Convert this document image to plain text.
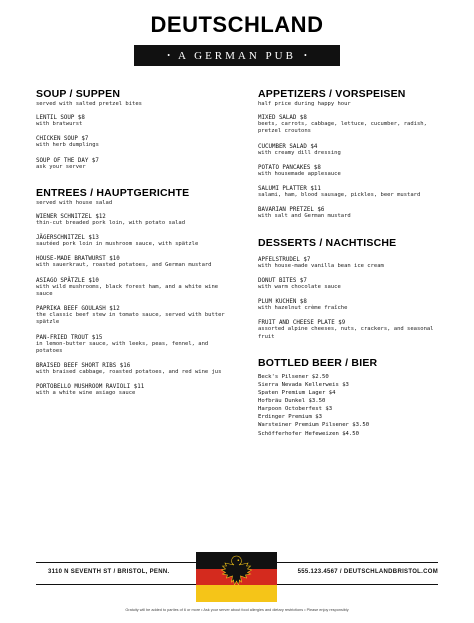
DEUTSCHLAND
• A GERMAN PUB •
SOUP / SUPPEN
served with salted pretzel bites
LENTIL SOUP $8
with bratwurst
CHICKEN SOUP $7
with herb dumplings
SOUP OF THE DAY $7
ask your server
ENTREES / HAUPTGERICHTE
served with house salad
WIENER SCHNITZEL $12
thin-cut breaded pork loin, with potato salad
JÄGERSCHNITZEL $13
sautéed pork loin in mushroom sauce, with spätzle
HOUSE-MADE BRATWURST $10
with sauerkraut, roasted potatoes, and German mustard
ASIAGO SPÄTZLE $10
with wild mushrooms, black forest ham, and a white wine sauce
PAPRIKA BEEF GOULASH $12
the classic beef stew in tomato sauce, served with butter spätzle
PAN-FRIED TROUT $15
in lemon-butter sauce, with leeks, peas, fennel, and potatoes
BRAISED BEEF SHORT RIBS $16
with braised cabbage, roasted potatoes, and red wine jus
PORTOBELLO MUSHROOM RAVIOLI $11
with a white wine asiago sauce
APPETIZERS / VORSPEISEN
half price during happy hour
MIXED SALAD $8
beets, carrots, cabbage, lettuce, cucumber, radish, pretzel croutons
CUCUMBER SALAD $4
with creamy dill dressing
POTATO PANCAKES $8
with housemade applesauce
SALUMI PLATTER $11
salami, ham, blood sausage, pickles, beer mustard
BAVARIAN PRETZEL $6
with salt and German mustard
DESSERTS / NACHTISCHE
APFELSTRUDEL $7
with house-made vanilla bean ice cream
DONUT BITES $7
with warm chocolate sauce
PLUM KUCHEN $8
with hazelnut crème fraîche
FRUIT AND CHEESE PLATE $9
assorted alpine cheeses, nuts, crackers, and seasonal fruit
BOTTLED BEER / BIER
Beck's Pilsener $2.50
Sierra Nevada Kellerweis $3
Spaten Premium Lager $4
Hofbräu Dunkel $3.50
Harpoon Octoberfest $3
Erdinger Premium $3
Warsteiner Premium Pilsener $3.50
Schöfferhofer Hefeweizen $4.50
3110 N SEVENTH ST / BRISTOL, PENN.	555.123.4567 / DEUTSCHLANDBRISTOL.COM
Gratuity will be added to parties of 6 or more • Ask your server about food allergies and dietary restrictions • Please enjoy responsibly
